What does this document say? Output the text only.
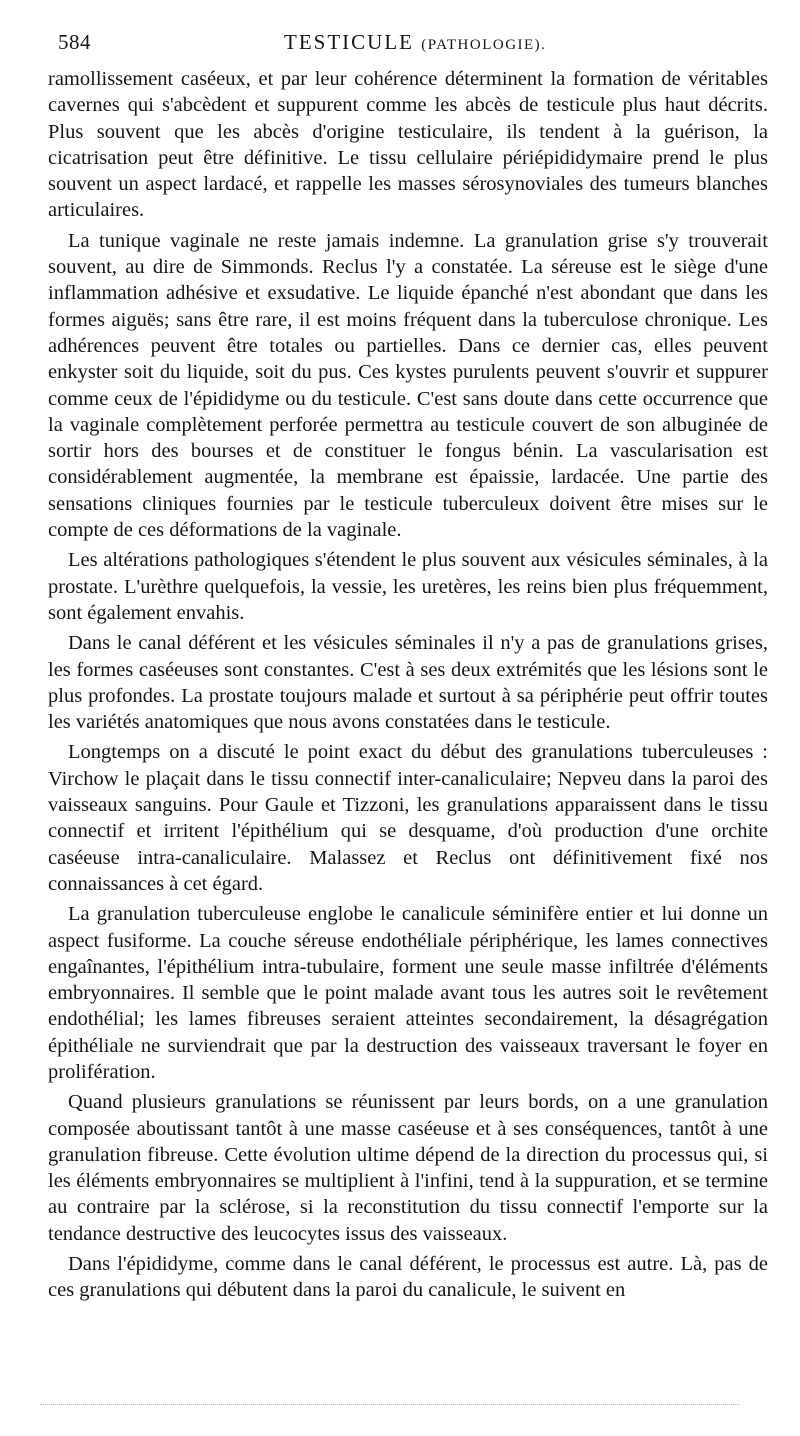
584	TESTICULE (PATHOLOGIE).

ramollissement caséeux, et par leur cohérence déterminent la formation de véritables cavernes qui s'abcèdent et suppurent comme les abcès de testicule plus haut décrits. Plus souvent que les abcès d'origine testiculaire, ils tendent à la guérison, la cicatrisation peut être définitive. Le tissu cellulaire périépididymaire prend le plus souvent un aspect lardacé, et rappelle les masses sérosynoviales des tumeurs blanches articulaires.

La tunique vaginale ne reste jamais indemne. La granulation grise s'y trouverait souvent, au dire de Simmonds. Reclus l'y a constatée. La séreuse est le siège d'une inflammation adhésive et exsudative. Le liquide épanché n'est abondant que dans les formes aiguës; sans être rare, il est moins fréquent dans la tuberculose chronique. Les adhérences peuvent être totales ou partielles. Dans ce dernier cas, elles peuvent enkyster soit du liquide, soit du pus. Ces kystes purulents peuvent s'ouvrir et suppurer comme ceux de l'épididyme ou du testicule. C'est sans doute dans cette occurrence que la vaginale complètement perforée permettra au testicule couvert de son albuginée de sortir hors des bourses et de constituer le fongus bénin. La vascularisation est considérablement augmentée, la membrane est épaissie, lardacée. Une partie des sensations cliniques fournies par le testicule tuberculeux doivent être mises sur le compte de ces déformations de la vaginale.

Les altérations pathologiques s'étendent le plus souvent aux vésicules séminales, à la prostate. L'urèthre quelquefois, la vessie, les uretères, les reins bien plus fréquemment, sont également envahis.

Dans le canal déférent et les vésicules séminales il n'y a pas de granulations grises, les formes caséeuses sont constantes. C'est à ses deux extrémités que les lésions sont le plus profondes. La prostate toujours malade et surtout à sa périphérie peut offrir toutes les variétés anatomiques que nous avons constatées dans le testicule.

Longtemps on a discuté le point exact du début des granulations tuberculeuses : Virchow le plaçait dans le tissu connectif inter-canaliculaire; Nepveu dans la paroi des vaisseaux sanguins. Pour Gaule et Tizzoni, les granulations apparaissent dans le tissu connectif et irritent l'épithélium qui se desquame, d'où production d'une orchite caséeuse intra-canaliculaire. Malassez et Reclus ont définitivement fixé nos connaissances à cet égard.

La granulation tuberculeuse englobe le canalicule séminifère entier et lui donne un aspect fusiforme. La couche séreuse endothéliale périphérique, les lames connectives engaînantes, l'épithélium intra-tubulaire, forment une seule masse infiltrée d'éléments embryonnaires. Il semble que le point malade avant tous les autres soit le revêtement endothélial; les lames fibreuses seraient atteintes secondairement, la désagrégation épithéliale ne surviendrait que par la destruction des vaisseaux traversant le foyer en prolifération.

Quand plusieurs granulations se réunissent par leurs bords, on a une granulation composée aboutissant tantôt à une masse caséeuse et à ses conséquences, tantôt à une granulation fibreuse. Cette évolution ultime dépend de la direction du processus qui, si les éléments embryonnaires se multiplient à l'infini, tend à la suppuration, et se termine au contraire par la sclérose, si la reconstitution du tissu connectif l'emporte sur la tendance destructive des leucocytes issus des vaisseaux.

Dans l'épididyme, comme dans le canal déférent, le processus est autre. Là, pas de ces granulations qui débutent dans la paroi du canalicule, le suivent en
